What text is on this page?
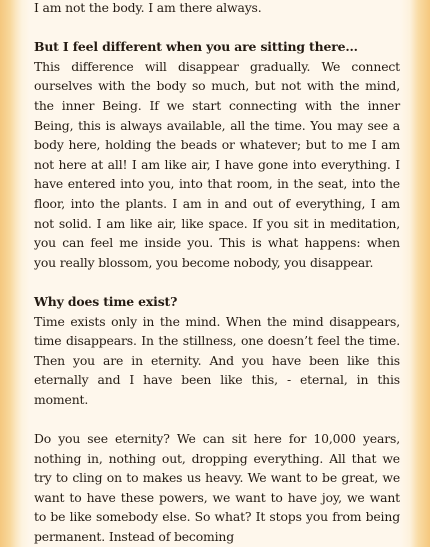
I am not the body. I am there always.

But I feel different when you are sitting there...

This difference will disappear gradually. We connect ourselves with the body so much, but not with the mind, the inner Being. If we start connecting with the inner Being, this is always available, all the time. You may see a body here, holding the beads or whatever; but to me I am not here at all! I am like air, I have gone into everything. I have entered into you, into that room, in the seat, into the floor, into the plants. I am in and out of everything, I am not solid. I am like air, like space. If you sit in meditation, you can feel me inside you. This is what happens: when you really blossom, you become nobody, you disappear.

Why does time exist?

Time exists only in the mind. When the mind disappears, time disappears. In the stillness, one doesn’t feel the time. Then you are in eternity. And you have been like this eternally and I have been like this, - eternal, in this moment.

Do you see eternity? We can sit here for 10,000 years, nothing in, nothing out, dropping everything. All that we try to cling on to makes us heavy. We want to be great, we want to have these powers, we want to have joy, we want to be like somebody else. So what? It stops you from being permanent. Instead of becoming
